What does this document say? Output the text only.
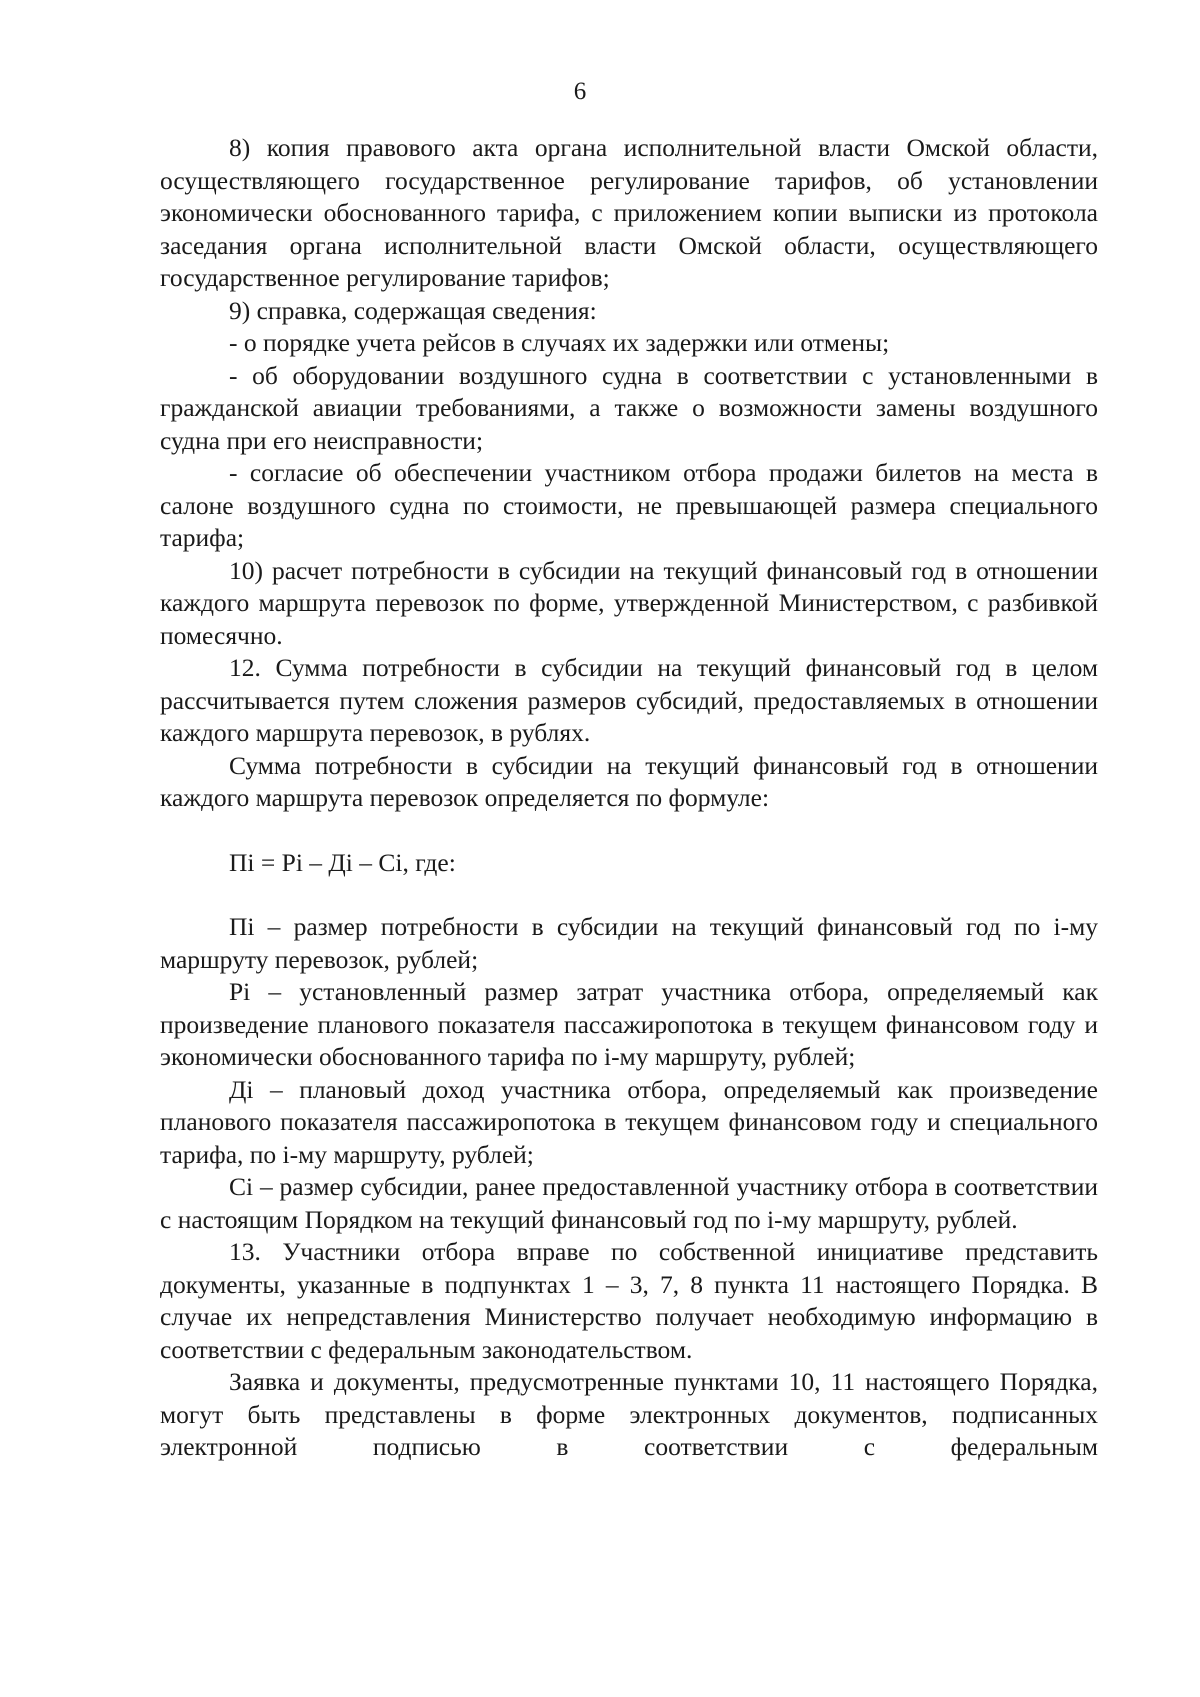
6

8) копия правового акта органа исполнительной власти Омской области, осуществляющего государственное регулирование тарифов, об установлении экономически обоснованного тарифа, с приложением копии выписки из протокола заседания органа исполнительной власти Омской области, осуществляющего государственное регулирование тарифов;

9) справка, содержащая сведения:

- о порядке учета рейсов в случаях их задержки или отмены;

- об оборудовании воздушного судна в соответствии с установленными в гражданской авиации требованиями, а также о возможности замены воздушного судна при его неисправности;

- согласие об обеспечении участником отбора продажи билетов на места в салоне воздушного судна по стоимости, не превышающей размера специального тарифа;

10) расчет потребности в субсидии на текущий финансовый год в отношении каждого маршрута перевозок по форме, утвержденной Министерством, с разбивкой помесячно.

12. Сумма потребности в субсидии на текущий финансовый год в целом рассчитывается путем сложения размеров субсидий, предоставляемых в отношении каждого маршрута перевозок, в рублях.

Сумма потребности в субсидии на текущий финансовый год в отношении каждого маршрута перевозок определяется по формуле:

Пi = Рi – Дi – Сi, где:

Пi – размер потребности в субсидии на текущий финансовый год по i-му маршруту перевозок, рублей;

Рi – установленный размер затрат участника отбора, определяемый как произведение планового показателя пассажиропотока в текущем финансовом году и экономически обоснованного тарифа по i-му маршруту, рублей;

Дi – плановый доход участника отбора, определяемый как произведение планового показателя пассажиропотока в текущем финансовом году и специального тарифа, по i-му маршруту, рублей;

Сi – размер субсидии, ранее предоставленной участнику отбора в соответствии с настоящим Порядком на текущий финансовый год по i-му маршруту, рублей.

13. Участники отбора вправе по собственной инициативе представить документы, указанные в подпунктах 1 – 3, 7, 8 пункта 11 настоящего Порядка. В случае их непредставления Министерство получает необходимую информацию в соответствии с федеральным законодательством.

Заявка и документы, предусмотренные пунктами 10, 11 настоящего Порядка, могут быть представлены в форме электронных документов, подписанных электронной подписью в соответствии с федеральным
